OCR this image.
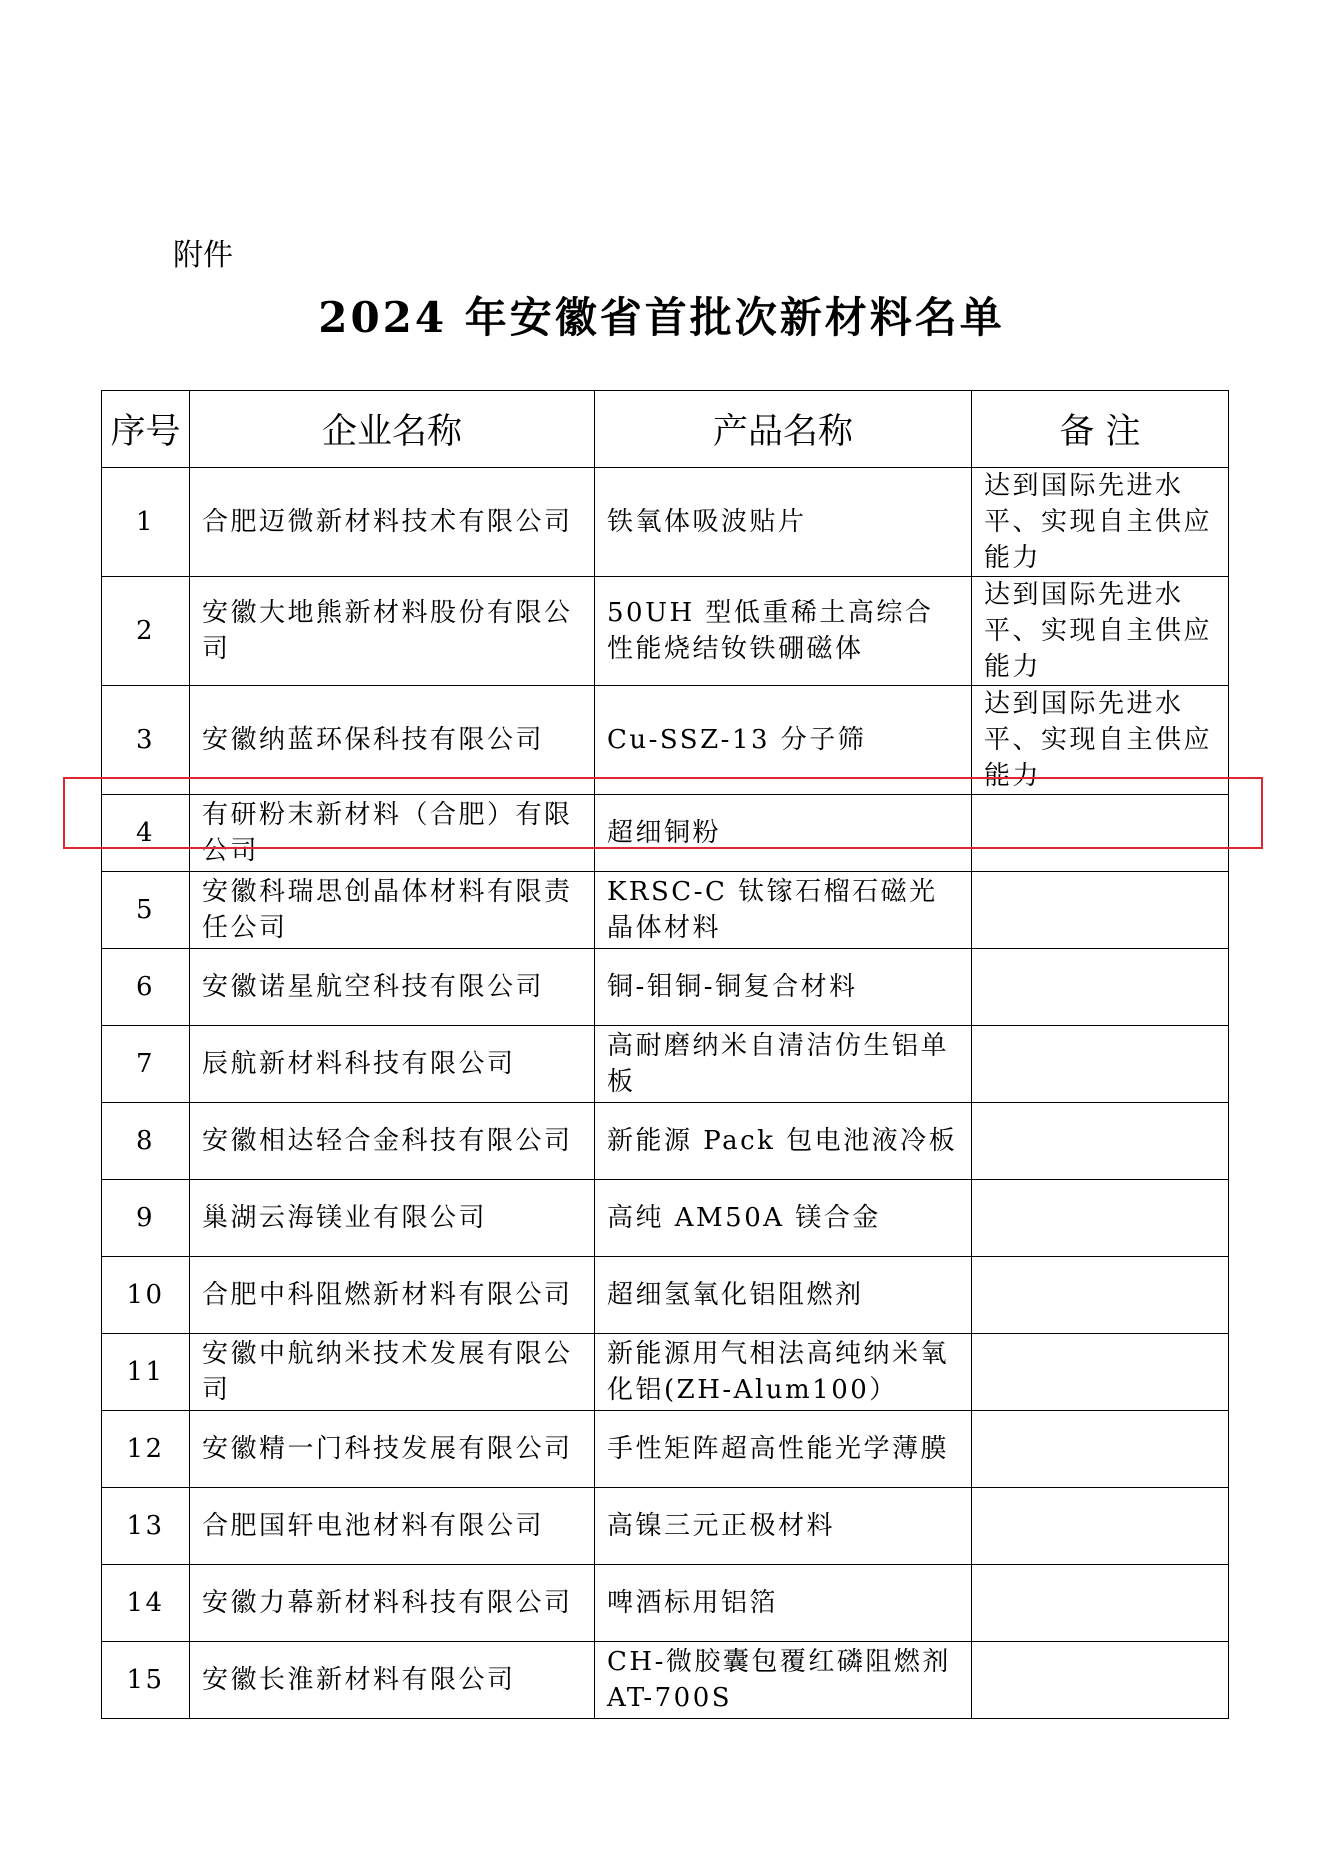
附件
2024 年安徽省首批次新材料名单
序号	企业名称	产品名称	备 注
1	合肥迈微新材料技术有限公司	铁氧体吸波贴片	达到国际先进水平、实现自主供应能力
2	安徽大地熊新材料股份有限公司	50UH 型低重稀土高综合性能烧结钕铁硼磁体	达到国际先进水平、实现自主供应能力
3	安徽纳蓝环保科技有限公司	Cu-SSZ-13 分子筛	达到国际先进水平、实现自主供应能力
4	有研粉末新材料（合肥）有限公司	超细铜粉	
5	安徽科瑞思创晶体材料有限责任公司	KRSC-C 钛镓石榴石磁光晶体材料	
6	安徽诺星航空科技有限公司	铜-钼铜-铜复合材料	
7	辰航新材料科技有限公司	高耐磨纳米自清洁仿生铝单板	
8	安徽相达轻合金科技有限公司	新能源 Pack 包电池液冷板	
9	巢湖云海镁业有限公司	高纯 AM50A 镁合金	
10	合肥中科阻燃新材料有限公司	超细氢氧化铝阻燃剂	
11	安徽中航纳米技术发展有限公司	新能源用气相法高纯纳米氧化铝(ZH-Alum100）	
12	安徽精一门科技发展有限公司	手性矩阵超高性能光学薄膜	
13	合肥国轩电池材料有限公司	高镍三元正极材料	
14	安徽力幕新材料科技有限公司	啤酒标用铝箔	
15	安徽长淮新材料有限公司	CH-微胶囊包覆红磷阻燃剂 AT-700S	
